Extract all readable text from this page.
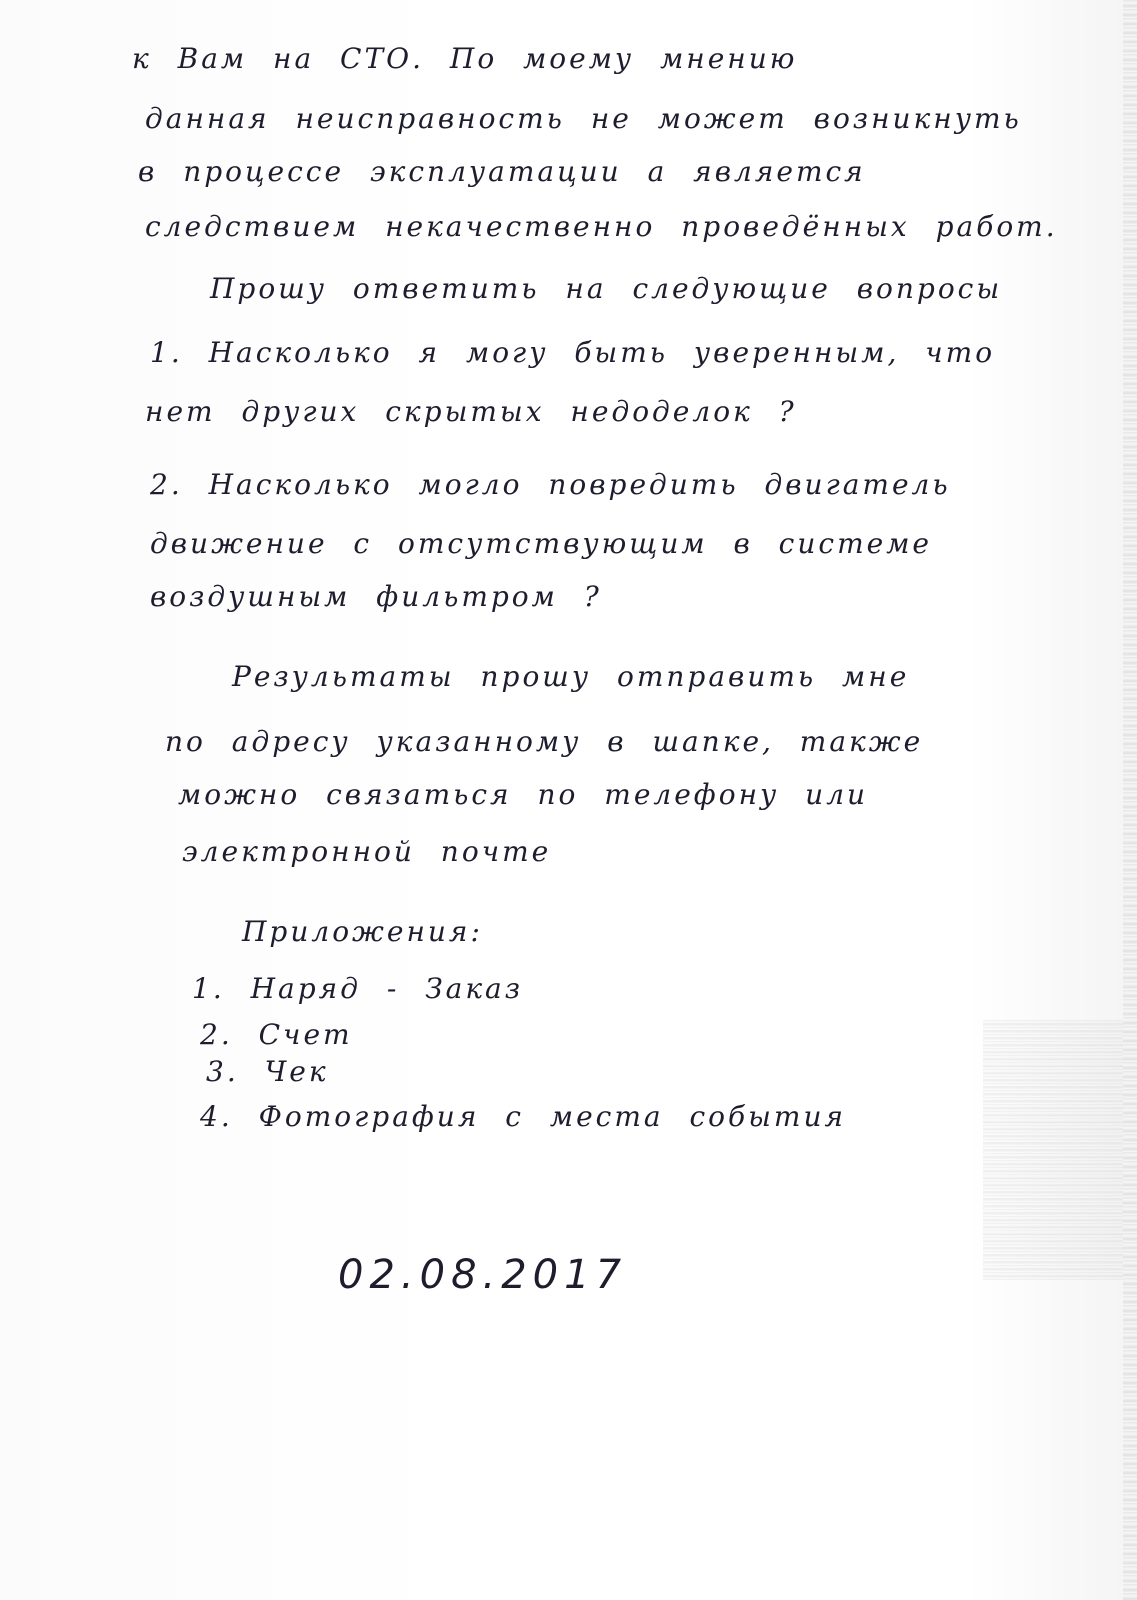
к Вам на СТО. По моему мнению
данная неисправность не может возникнуть
в процессе эксплуатации а является
следствием некачественно проведённых работ.
Прошу ответить на следующие вопросы
1. Насколько я могу быть уверенным, что
нет других скрытых недоделок ?
2. Насколько могло повредить двигатель
движение с отсутствующим в системе
воздушным фильтром ?
Результаты прошу отправить мне
по адресу указанному в шапке, также
можно связаться по телефону или
электронной почте
Приложения:
1. Наряд - Заказ
2. Счет
3. Чек
4. Фотография с места события
02.08.2017
